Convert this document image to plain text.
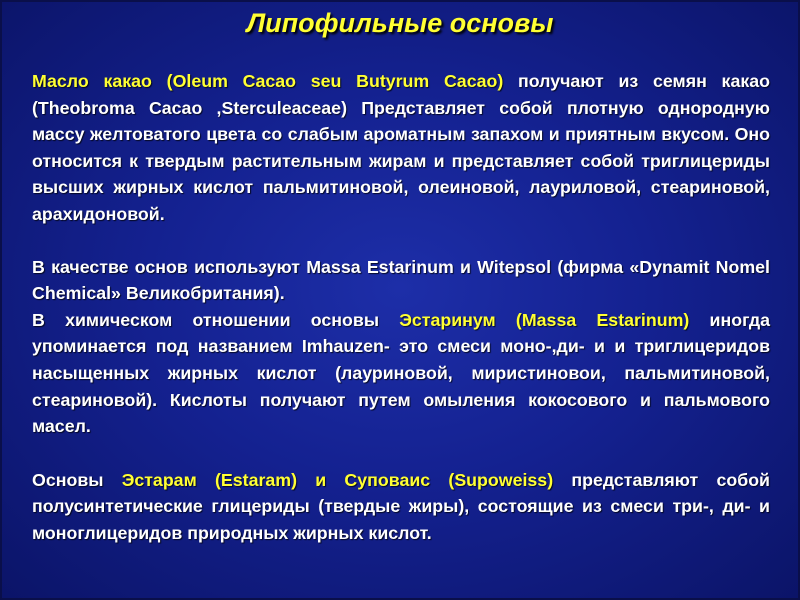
Липофильные основы

Масло какао (Oleum Cacao seu Butyrum Cacao) получают из семян какао (Theobroma Cacao ,Sterculeaceae) Представляет собой плотную однородную массу желтоватого цвета со слабым ароматным запахом и приятным вкусом. Оно относится к твердым растительным жирам и представляет собой триглицериды высших жирных кислот пальмитиновой, олеиновой, лауриловой, стеариновой, арахидоновой.

В качестве основ используют Massa Estarinum и Witepsol (фирма «Dynamit Nomel Chemical» Великобритания).

В химическом отношении основы Эстаринум (Massa Estarinum) иногда упоминается под названием Imhauzen- это смеси моно-,ди- и и триглицеридов насыщенных жирных кислот (лауриновой, миристиновои, пальмитиновой, стеариновой). Кислоты получают путем омыления кокосового и пальмового масел.

Основы Эстарам (Estaram) и Суповаис (Supoweiss) представляют собой полусинтетические глицериды (твердые жиры), состоящие из смеси три-, ди- и моноглицеридов природных жирных кислот.
